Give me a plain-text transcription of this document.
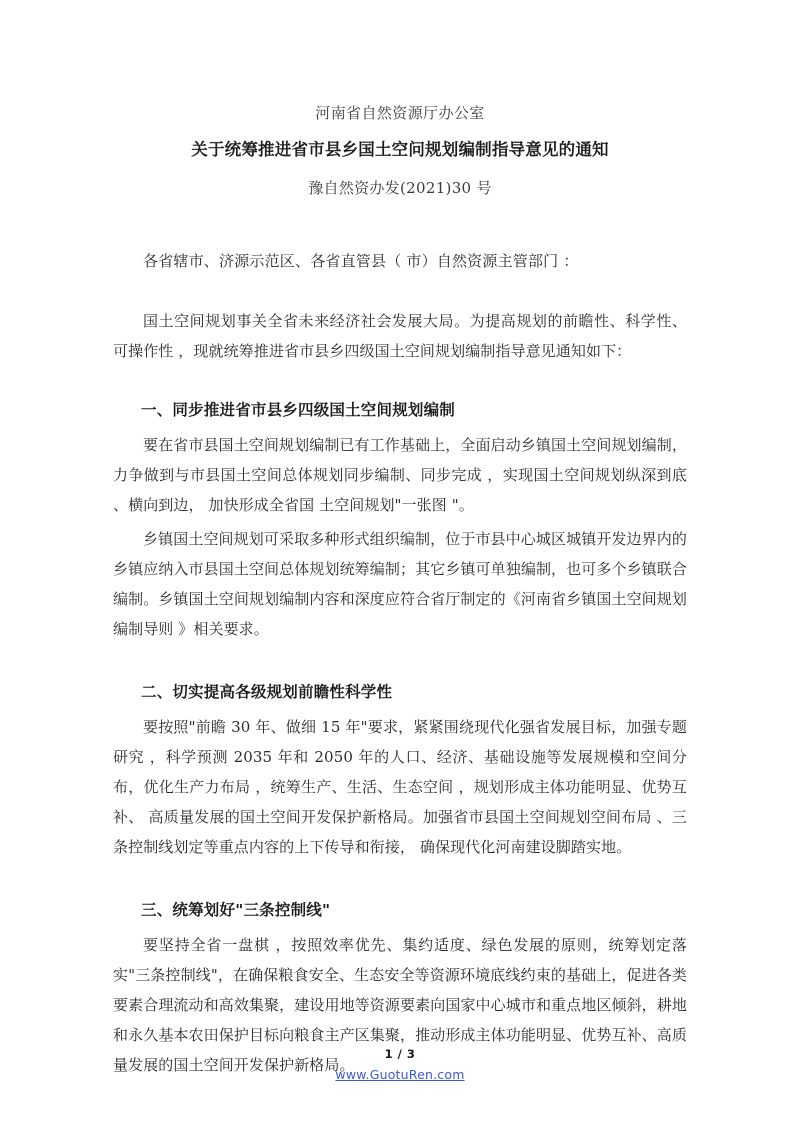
河南省自然资源厅办公室
关于统筹推进省市县乡国土空问规划编制指导意见的通知
豫自然资办发(2021)30 号
各省辖市、济源示范区、各省直管县（ 市）自然资源主管部门 ：
国土空间规划事关全省未来经济社会发展大局。为提高规划的前瞻性、科学性、 可操作性 ，现就统筹推进省市县乡四级国土空间规划编制指导意见通知如下：
一、同步推进省市县乡四级国土空间规划编制
要在省市县国土空间规划编制已有工作基础上，全面启动乡镇国土空间规划编制，力争做到与市县国土空间总体规划同步编制、同步完成 ，实现国土空间规划纵深到底 、横向到边， 加快形成全省国 土空间规划"一张图 "。
乡镇国土空间规划可采取多种形式组织编制，位于市县中心城区城镇开发边界内的乡镇应纳入市县国土空间总体规划统筹编制；其它乡镇可单独编制，也可多个乡镇联合编制。乡镇国土空间规划编制内容和深度应符合省厅制定的《河南省乡镇国土空间规划编制导则 》相关要求。
二、切实提高各级规划前瞻性科学性
要按照"前瞻 30 年、做细 15 年"要求，紧紧围绕现代化强省发展目标，加强专题研究 ，科学预测 2035 年和 2050 年的人口、经济、基础设施等发展规模和空间分布，优化生产力布局 ，统筹生产、生活、生态空间 ，规划形成主体功能明显、优势互补、 高质量发展的国土空间开发保护新格局。加强省市县国土空间规划空间布局 、三条控制线划定等重点内容的上下传导和衔接， 确保现代化河南建设脚踏实地。
三、统筹划好"三条控制线"
要坚持全省一盘棋 ，按照效率优先、集约适度、绿色发展的原则，统筹划定落实"三条控制线"，在确保粮食安全、生态安全等资源环境底线约束的基础上，促进各类要素合理流动和高效集聚，建设用地等资源要素向国家中心城市和重点地区倾斜，耕地和永久基本农田保护目标向粮食主产区集聚，推动形成主体功能明显、优势互补、高质量发展的国土空间开发保护新格局。
1 / 3
www.GuotuRen.com
